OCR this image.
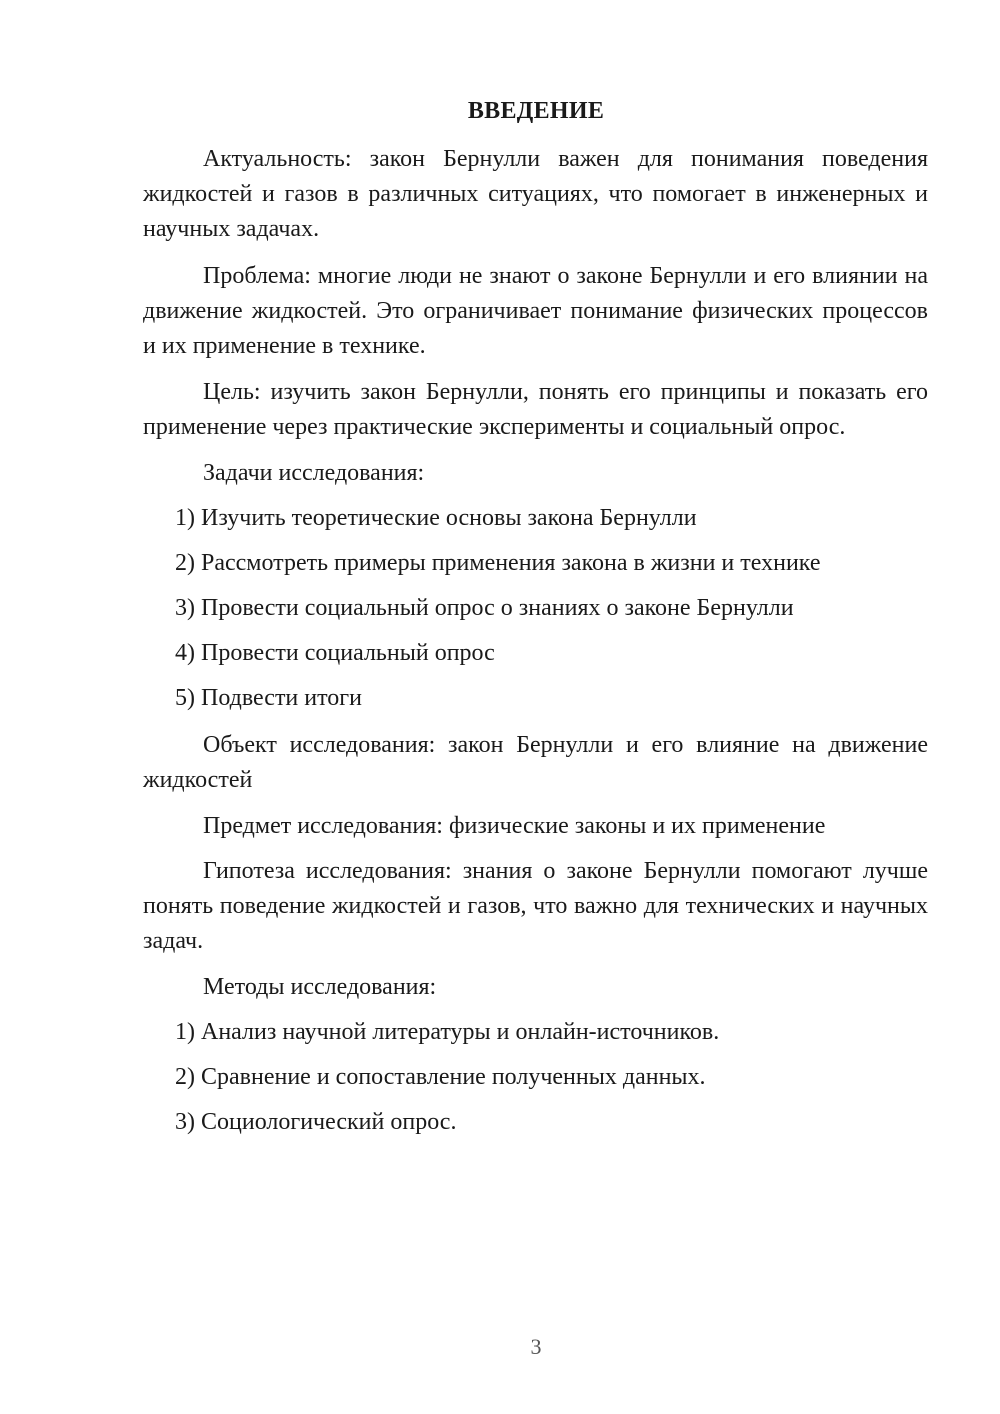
ВВЕДЕНИЕ

Актуальность: закон Бернулли важен для понимания поведения жидкостей и газов в различных ситуациях, что помогает в инженерных и научных задачах.

Проблема: многие люди не знают о законе Бернулли и его влиянии на движение жидкостей. Это ограничивает понимание физических процессов и их применение в технике.

Цель: изучить закон Бернулли, понять его принципы и показать его применение через практические эксперименты и социальный опрос.

Задачи исследования:

1) Изучить теоретические основы закона Бернулли

2) Рассмотреть примеры применения закона в жизни и технике

3) Провести социальный опрос о знаниях о законе Бернулли

4) Провести социальный опрос

5) Подвести итоги

Объект исследования: закон Бернулли и его влияние на движение жидкостей

Предмет исследования: физические законы и их применение

Гипотеза исследования: знания о законе Бернулли помогают лучше понять поведение жидкостей и газов, что важно для технических и научных задач.

Методы исследования:

1) Анализ научной литературы и онлайн-источников.

2) Сравнение и сопоставление полученных данных.

3) Социологический опрос.

3
